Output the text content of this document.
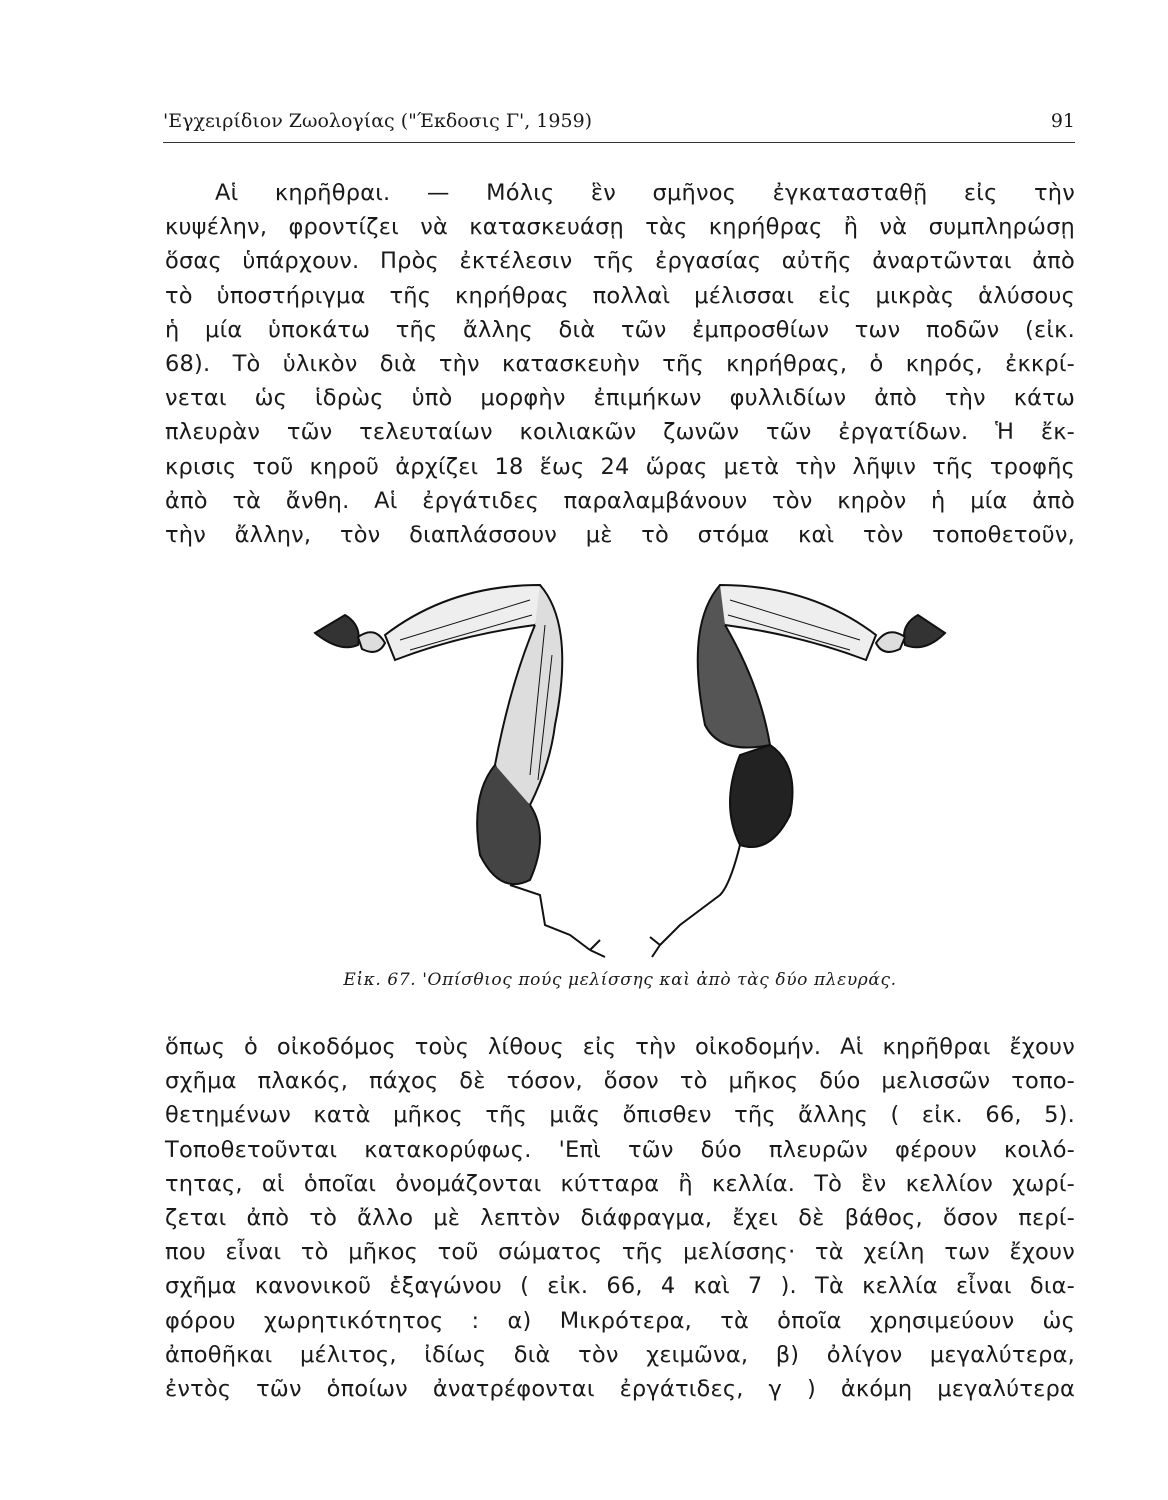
'Εγχειρίδιον Ζωολογίας ("Έκδοσις Γ', 1959)	91
Αἱ κηρῆθραι. — Μόλις ἓν σμῆνος ἐγκατασταθῇ εἰς τὴν
κυψέλην, φροντίζει νὰ κατασκευάσῃ τὰς κηρήθρας ἢ νὰ συμπληρώσῃ
ὅσας ὑπάρχουν. Πρὸς ἐκτέλεσιν τῆς ἐργασίας αὐτῆς ἀναρτῶνται ἀπὸ
τὸ ὑποστήριγμα τῆς κηρήθρας πολλαὶ μέλισσαι εἰς μικρὰς ἁλύσους
ἡ μία ὑποκάτω τῆς ἄλλης διὰ τῶν ἐμπροσθίων των ποδῶν (εἰκ.
68). Τὸ ὑλικὸν διὰ τὴν κατασκευὴν τῆς κηρήθρας, ὁ κηρός, ἐκκρί-
νεται ὡς ἱδρὼς ὑπὸ μορφὴν ἐπιμήκων φυλλιδίων ἀπὸ τὴν κάτω
πλευρὰν τῶν τελευταίων κοιλιακῶν ζωνῶν τῶν ἐργατίδων. Ἡ ἔκ-
κρισις τοῦ κηροῦ ἀρχίζει 18 ἕως 24 ὥρας μετὰ τὴν λῆψιν τῆς τροφῆς
ἀπὸ τὰ ἄνθη. Αἱ ἐργάτιδες παραλαμβάνουν τὸν κηρὸν ἡ μία ἀπὸ
τὴν ἄλλην, τὸν διαπλάσσουν μὲ τὸ στόμα καὶ τὸν τοποθετοῦν,
Εἰκ. 67. 'Οπίσθιος πούς μελίσσης καὶ ἀπὸ τὰς δύο πλευράς.
ὅπως ὁ οἰκοδόμος τοὺς λίθους εἰς τὴν οἰκοδομήν. Αἱ κηρῆθραι ἔχουν
σχῆμα πλακός, πάχος δὲ τόσον, ὅσον τὸ μῆκος δύο μελισσῶν τοπο-
θετημένων κατὰ μῆκος τῆς μιᾶς ὄπισθεν τῆς ἄλλης ( εἰκ. 66, 5).
Τοποθετοῦνται κατακορύφως. 'Επὶ τῶν δύο πλευρῶν φέρουν κοιλό-
τητας, αἱ ὁποῖαι ὀνομάζονται κύτταρα ἢ κελλία. Τὸ ἓν κελλίον χωρί-
ζεται ἀπὸ τὸ ἄλλο μὲ λεπτὸν διάφραγμα, ἔχει δὲ βάθος, ὅσον περί-
που εἶναι τὸ μῆκος τοῦ σώματος τῆς μελίσσης· τὰ χείλη των ἔχουν
σχῆμα κανονικοῦ ἑξαγώνου ( εἰκ. 66, 4 καὶ 7 ). Τὰ κελλία εἶναι δια-
φόρου χωρητικότητος : α) Μικρότερα, τὰ ὁποῖα χρησιμεύουν ὡς
ἀποθῆκαι μέλιτος, ἰδίως διὰ τὸν χειμῶνα, β) ὀλίγον μεγαλύτερα,
ἐντὸς τῶν ὁποίων ἀνατρέφονται ἐργάτιδες, γ ) ἀκόμη μεγαλύτερα
